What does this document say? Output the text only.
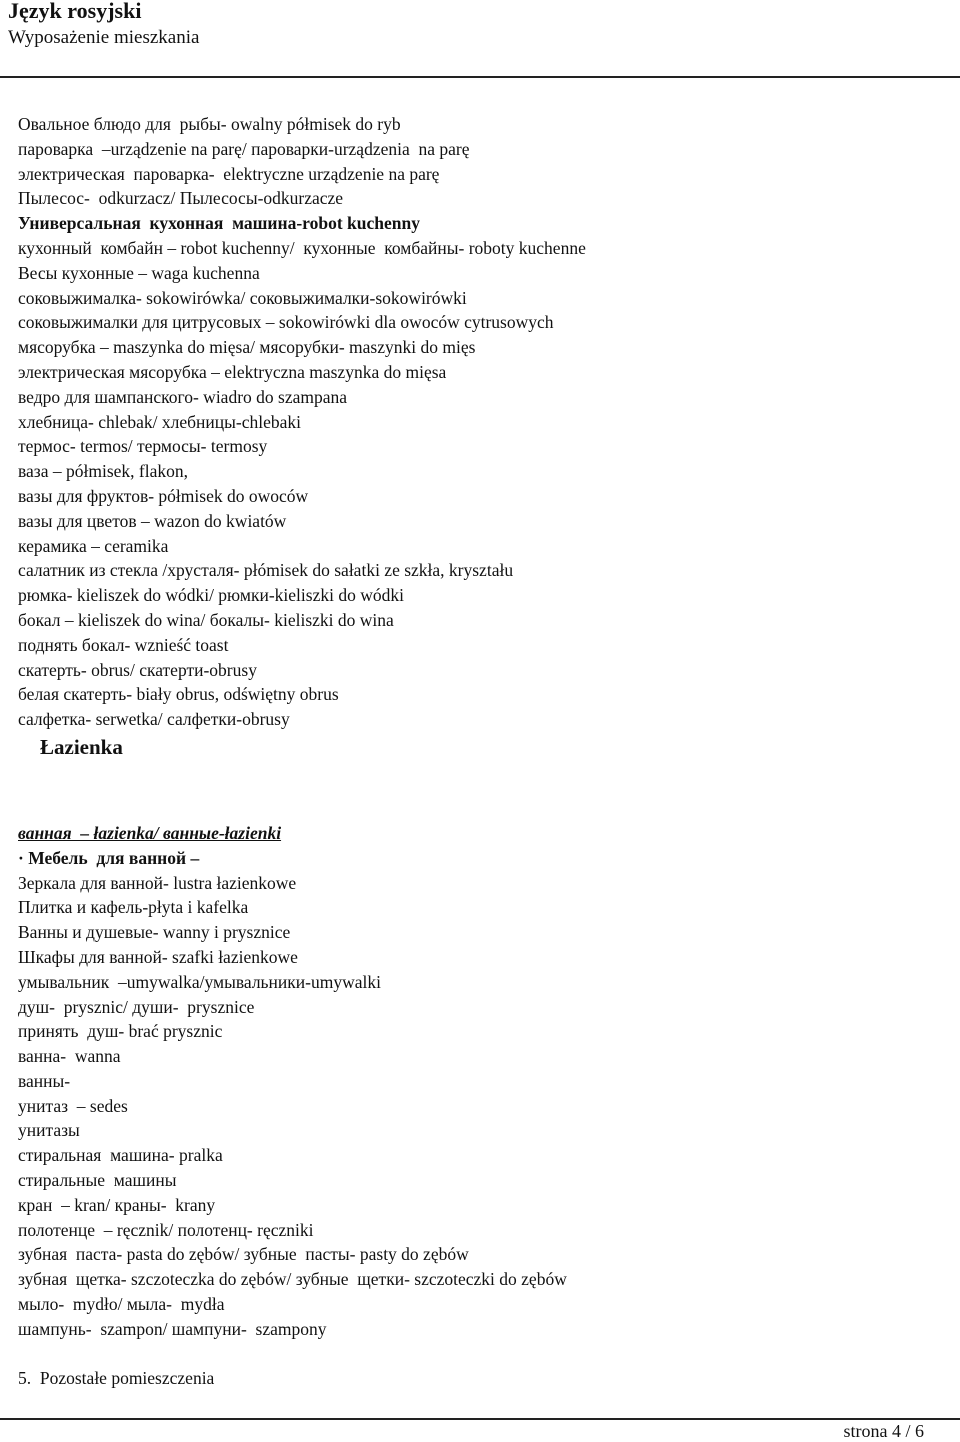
Język rosyjski
Wyposażenie mieszkania
Овальное блюдо для  рыбы- owalny półmisek do ryb
пароварка  –urządzenie na parę/ пароварки-urządzenia  na parę
электрическая  пароварка-  elektryczne urządzenie na parę
Пылесос-  odkurzacz/ Пылесосы-odkurzacze
Универсальная  кухонная  машина-robot kuchenny
кухонный  комбайн – robot kuchenny/  кухонные  комбайны- roboty kuchenne
Весы кухонные – waga kuchenna
соковыжималка- sokowirówka/ соковыжималки-sokowirówki
соковыжималки для цитрусовых – sokowirówki dla owoców cytrusowych
мясорубка – maszynka do mięsa/ мясорубки- maszynki do mięs
электрическая мясорубка – elektryczna maszynka do mięsa
ведро для шампанского- wiadro do szampana
хлебница- chlebak/ хлебницы-chlebaki
термос- termos/ термосы- termosy
ваза – półmisek, flakon,
вазы для фруктов- półmisek do owoców
вазы для цветов – wazon do kwiatów
керамика – ceramika
салатник из стекла /хрусталя- płómisek do sałatki ze szkła, kryształu
рюмка- kieliszek do wódki/ рюмки-kieliszki do wódki
бокал – kieliszek do wina/ бокалы- kieliszki do wina
поднять бокал- wznieść toast
скатерть- obrus/ скатерти-obrusy
белая скатерть- biały obrus, odświętny obrus
салфетка- serwetka/ салфетки-obrusy
Łazienka
ванная  – łazienka/ ванные-łazienki
· Мебель  для ванной –
Зеркала для ванной- lustra łazienkowe
Плитка и кафель-płyta i kafelka
Ванны и душевые- wanny i prysznice
Шкафы для ванной- szafki łazienkowe
умывальник  –umywalka/умывальники-umywalki
душ-  prysznic/ души-  prysznice
принять  душ- brać prysznic
ванна-  wanna
ванны-
унитаз  – sedes
унитазы
стиральная  машина- pralka
стиральные  машины
кран  – kran/ краны-  krany
полотенце  – ręcznik/ полотенц- ręczniki
зубная  паста- pasta do zębów/ зубные  пасты- pasty do zębów
зубная  щетка- szczoteczka do zębów/ зубные  щетки- szczoteczki do zębów
мыло-  mydło/ мыла-  mydła
шампунь-  szampon/ шампуни-  szampony
5.  Pozostałe pomieszczenia
strona 4 / 6
